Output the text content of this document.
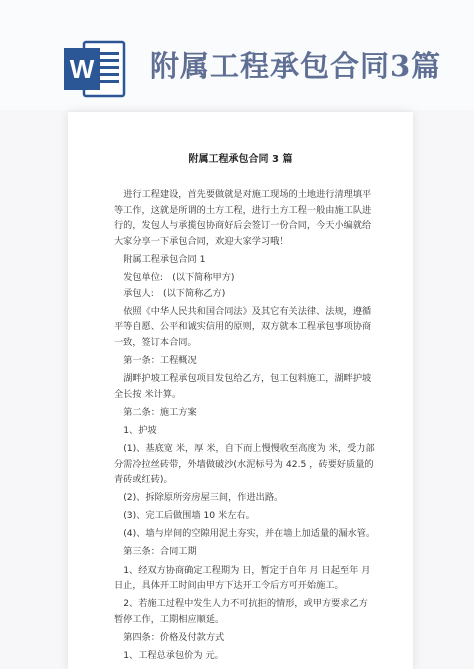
W 附属工程承包合同3篇
附属工程承包合同 3 篇

进行工程建设，首先要做就是对施工现场的土地进行清理填平等工作，这就是所谓的土方工程，进行土方工程一般由施工队进行的，发包人与承揽包协商好后会签订一份合同，今天小编就给大家分享一下承包合同，欢迎大家学习哦！

附属工程承包合同 1

发包单位:　(以下简称甲方)

承包人:　(以下简称乙方)

依照《中华人民共和国合同法》及其它有关法律、法规，遵循平等自愿、公平和诚实信用的原则，双方就本工程承包事项协商一致，签订本合同。

第一条：工程概况

湖畔护坡工程承包项目发包给乙方，包工包料施工，湖畔护坡全长按 米计算。

第二条：施工方案

1、护坡

(1)、基底宽 米，厚 米，自下而上慢慢收至高度为 米，受力部分需冷拉丝砖带，外墙做破沙(水泥标号为 42.5 ，砖要好质量的青砖或红砖)。

(2)、拆除原所旁房屋三间，作进出路。

(3)、完工后做围墙 10 米左右。

(4)、墙与岸间的空隙用泥土夯实，并在墙上加适量的漏水管。

第三条：合同工期

1、经双方协商确定工程期为 日，暂定于自年 月 日起至年 月 日止，具体开工时间由甲方下达开工令后方可开始施工。

2、若施工过程中发生人力不可抗拒的情形，或甲方要求乙方暂停工作，工期相应顺延。

第四条：价格及付款方式

1、工程总承包价为 元。
